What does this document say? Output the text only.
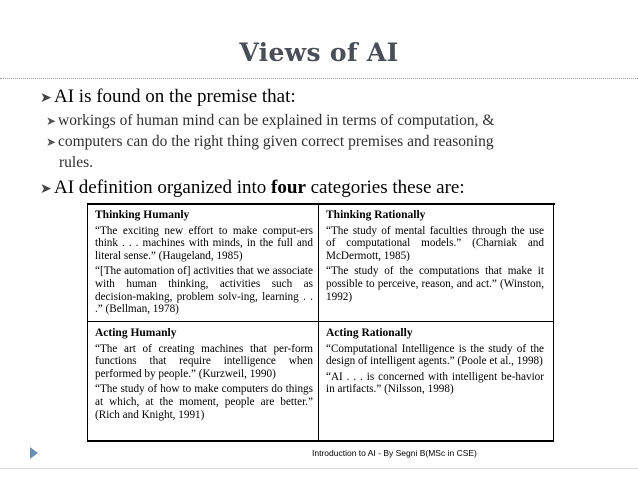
Views of AI
➤ AI is found on the premise that:
➤ workings of human mind can be explained in terms of computation, &
➤ computers can do the right thing given correct premises and reasoning
rules.
➤ AI definition organized into four categories these are:
Thinking Humanly

“The exciting new effort to make comput-ers think . . . machines with minds, in the full and literal sense.” (Haugeland, 1985)

“[The automation of] activities that we associate with human thinking, activities such as decision-making, problem solv-ing, learning . . .” (Bellman, 1978)

Thinking Rationally

“The study of mental faculties through the use of computational models.” (Charniak and McDermott, 1985)

“The study of the computations that make it possible to perceive, reason, and act.” (Winston, 1992)

Acting Humanly

“The art of creating machines that per-form functions that require intelligence when performed by people.” (Kurzweil, 1990)

“The study of how to make computers do things at which, at the moment, people are better.” (Rich and Knight, 1991)

Acting Rationally

“Computational Intelligence is the study of the design of intelligent agents.” (Poole et al., 1998)

“AI . . . is concerned with intelligent be-havior in artifacts.” (Nilsson, 1998)

Introduction to AI - By Segni B(MSc in CSE)
